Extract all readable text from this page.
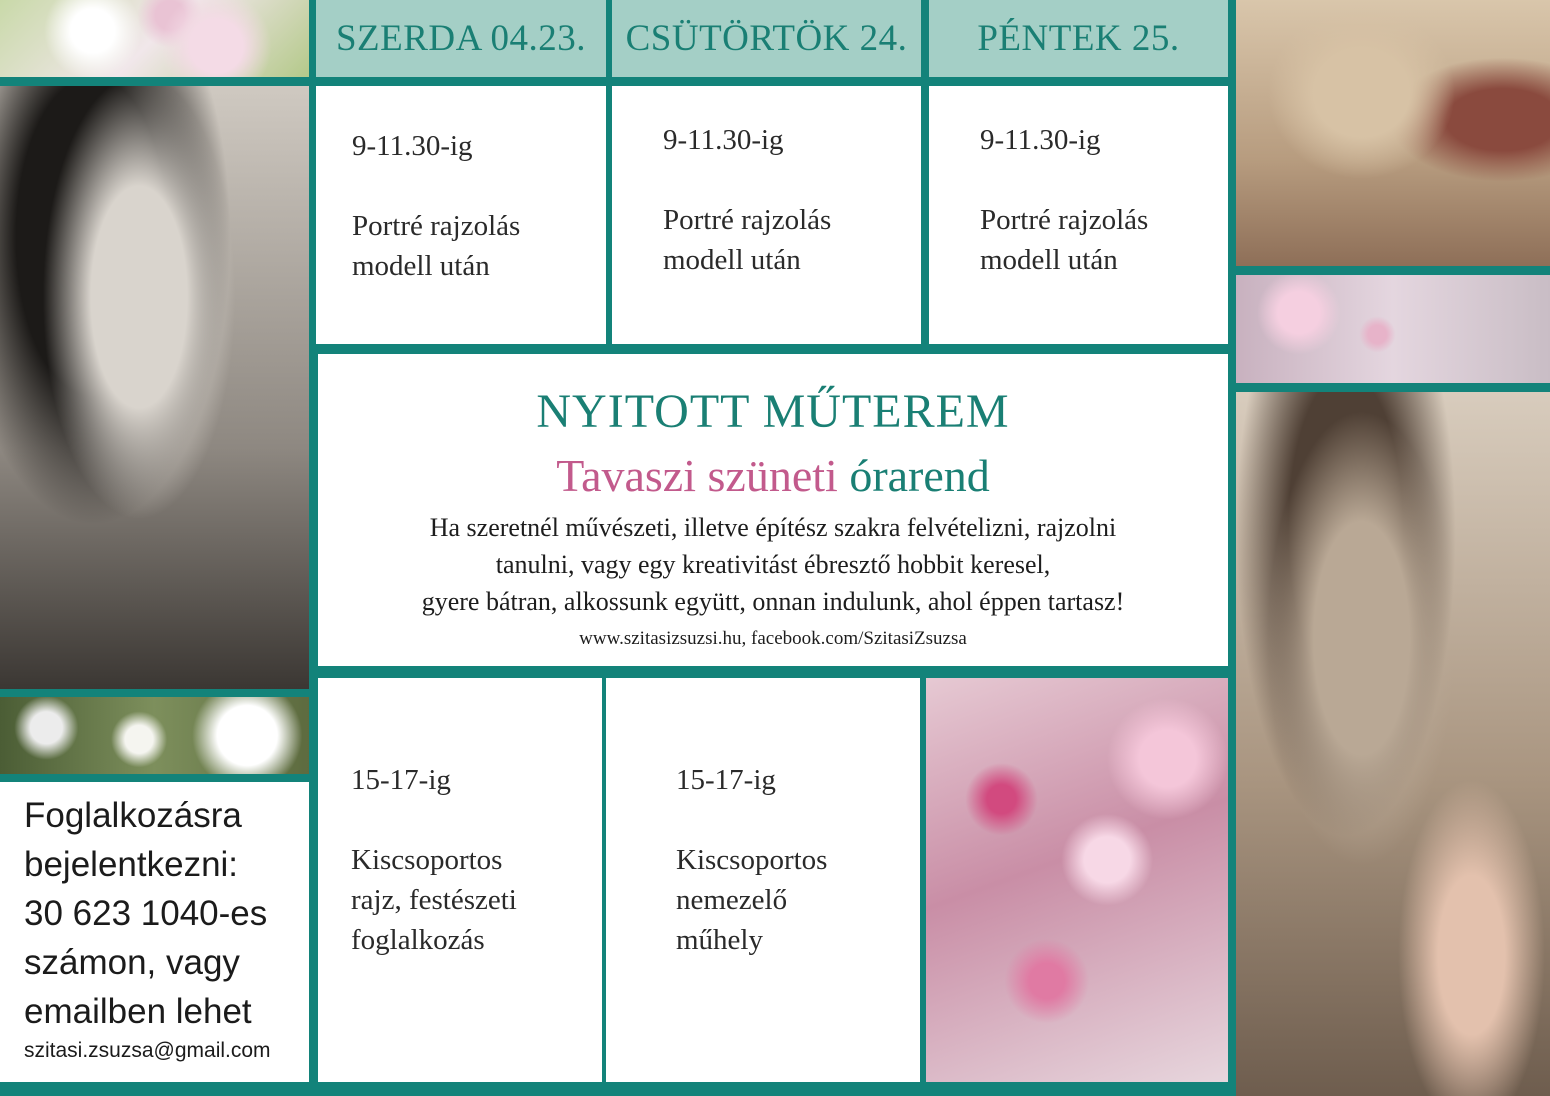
SZERDA 04.23. CSÜTÖRTÖK 24. PÉNTEK 25.
9-11.30-ig
Portré rajzolás
modell után
9-11.30-ig
Portré rajzolás
modell után
9-11.30-ig
Portré rajzolás
modell után
NYITOTT MŰTEREM
Tavaszi szüneti órarend
Ha szeretnél művészeti, illetve építész szakra felvételizni, rajzolni
tanulni, vagy egy kreativitást ébresztő hobbit keresel,
gyere bátran, alkossunk együtt, onnan indulunk, ahol éppen tartasz!
www.szitasizsuzsi.hu, facebook.com/SzitasiZsuzsa
Foglalkozásra
bejelentkezni:
30 623 1040-es
számon, vagy
emailben lehet
szitasi.zsuzsa@gmail.com
15-17-ig
Kiscsoportos
rajz, festészeti
foglalkozás
15-17-ig
Kiscsoportos
nemezelő
műhely
